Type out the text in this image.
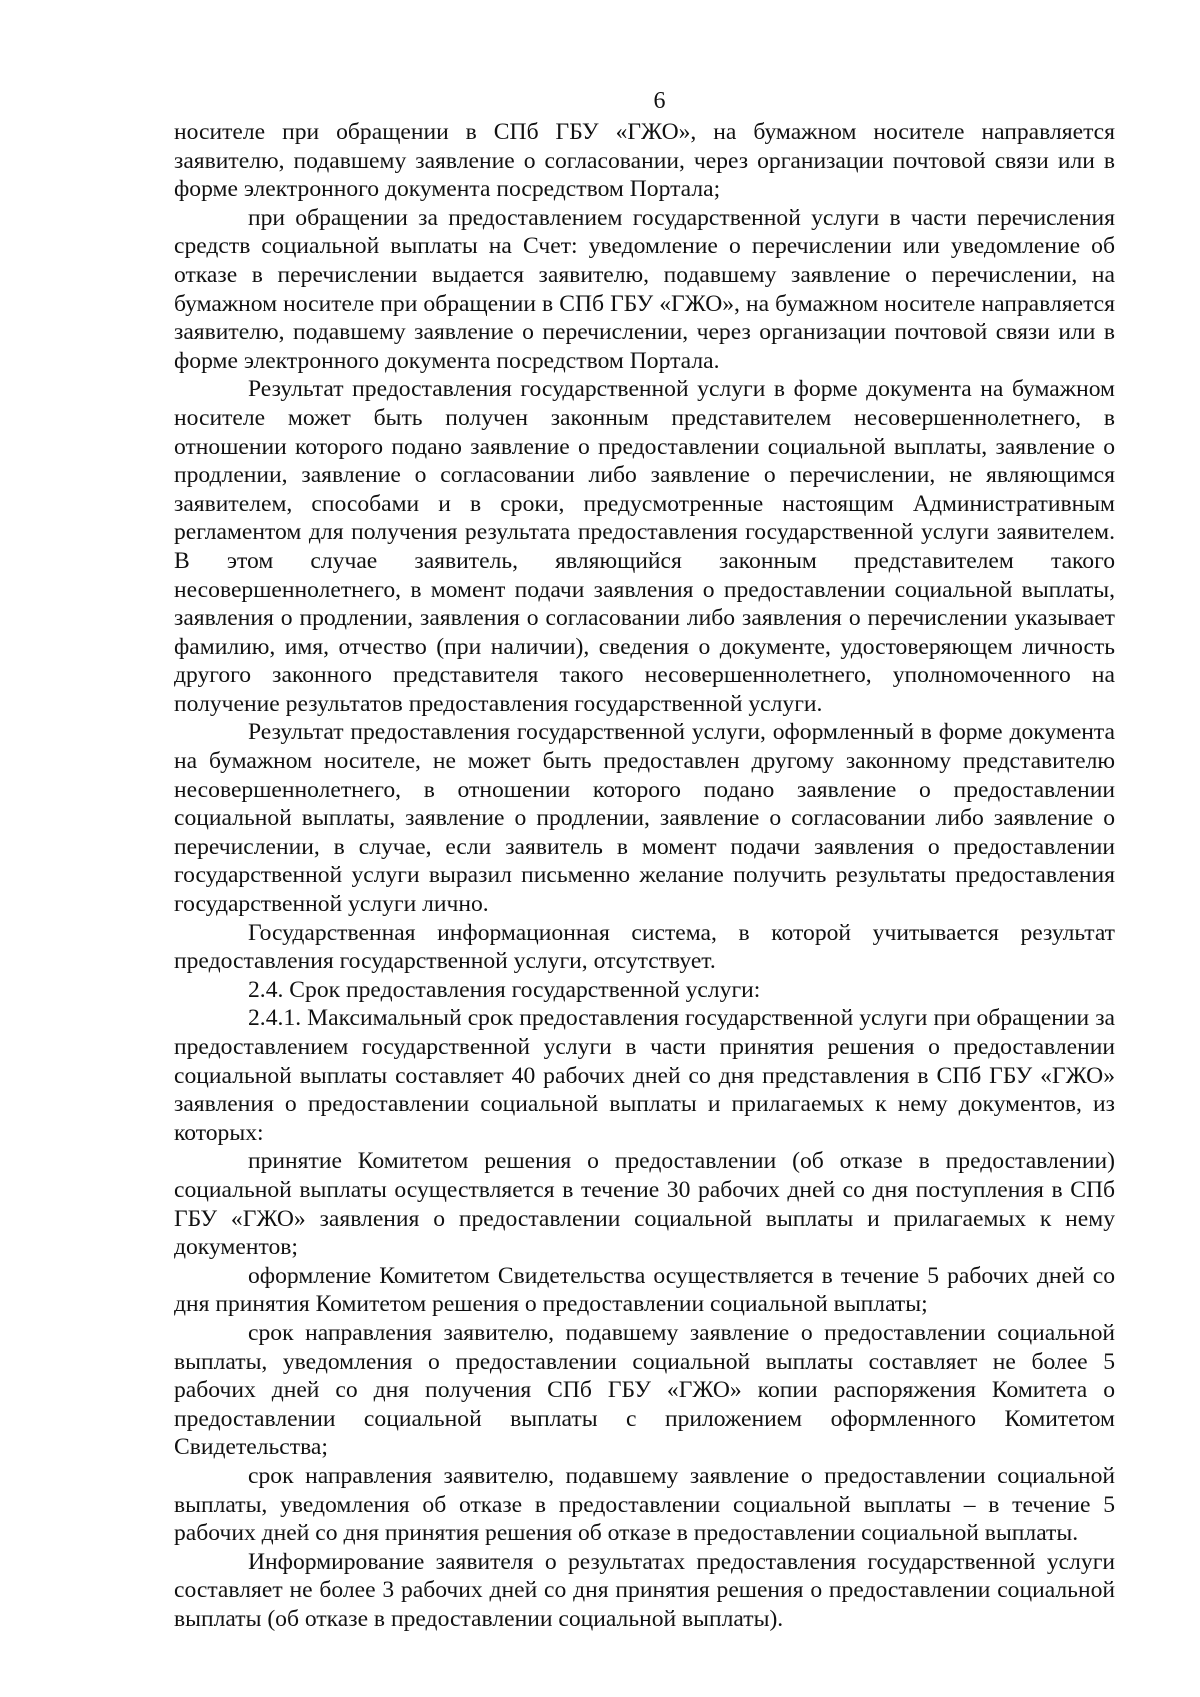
6

носителе при обращении в СПб ГБУ «ГЖО», на бумажном носителе направляется заявителю, подавшему заявление о согласовании, через организации почтовой связи или в форме электронного документа посредством Портала;

при обращении за предоставлением государственной услуги в части перечисления средств социальной выплаты на Счет: уведомление о перечислении или уведомление об отказе в перечислении выдается заявителю, подавшему заявление о перечислении, на бумажном носителе при обращении в СПб ГБУ «ГЖО», на бумажном носителе направляется заявителю, подавшему заявление о перечислении, через организации почтовой связи или в форме электронного документа посредством Портала.

Результат предоставления государственной услуги в форме документа на бумажном носителе может быть получен законным представителем несовершеннолетнего, в отношении которого подано заявление о предоставлении социальной выплаты, заявление о продлении, заявление о согласовании либо заявление о перечислении, не являющимся заявителем, способами и в сроки, предусмотренные настоящим Административным регламентом для получения результата предоставления государственной услуги заявителем. В этом случае заявитель, являющийся законным представителем такого несовершеннолетнего, в момент подачи заявления о предоставлении социальной выплаты, заявления о продлении, заявления о согласовании либо заявления о перечислении указывает фамилию, имя, отчество (при наличии), сведения о документе, удостоверяющем личность другого законного представителя такого несовершеннолетнего, уполномоченного на получение результатов предоставления государственной услуги.

Результат предоставления государственной услуги, оформленный в форме документа на бумажном носителе, не может быть предоставлен другому законному представителю несовершеннолетнего, в отношении которого подано заявление о предоставлении социальной выплаты, заявление о продлении, заявление о согласовании либо заявление о перечислении, в случае, если заявитель в момент подачи заявления о предоставлении государственной услуги выразил письменно желание получить результаты предоставления государственной услуги лично.

Государственная информационная система, в которой учитывается результат предоставления государственной услуги, отсутствует.

2.4. Срок предоставления государственной услуги:

2.4.1. Максимальный срок предоставления государственной услуги при обращении за предоставлением государственной услуги в части принятия решения о предоставлении социальной выплаты составляет 40 рабочих дней со дня представления в СПб ГБУ «ГЖО» заявления о предоставлении социальной выплаты и прилагаемых к нему документов, из которых:

принятие Комитетом решения о предоставлении (об отказе в предоставлении) социальной выплаты осуществляется в течение 30 рабочих дней со дня поступления в СПб ГБУ «ГЖО» заявления о предоставлении социальной выплаты и прилагаемых к нему документов;

оформление Комитетом Свидетельства осуществляется в течение 5 рабочих дней со дня принятия Комитетом решения о предоставлении социальной выплаты;

срок направления заявителю, подавшему заявление о предоставлении социальной выплаты, уведомления о предоставлении социальной выплаты составляет не более 5 рабочих дней со дня получения СПб ГБУ «ГЖО» копии распоряжения Комитета о предоставлении социальной выплаты с приложением оформленного Комитетом Свидетельства;

срок направления заявителю, подавшему заявление о предоставлении социальной выплаты, уведомления об отказе в предоставлении социальной выплаты – в течение 5 рабочих дней со дня принятия решения об отказе в предоставлении социальной выплаты.

Информирование заявителя о результатах предоставления государственной услуги составляет не более 3 рабочих дней со дня принятия решения о предоставлении социальной выплаты (об отказе в предоставлении социальной выплаты).
